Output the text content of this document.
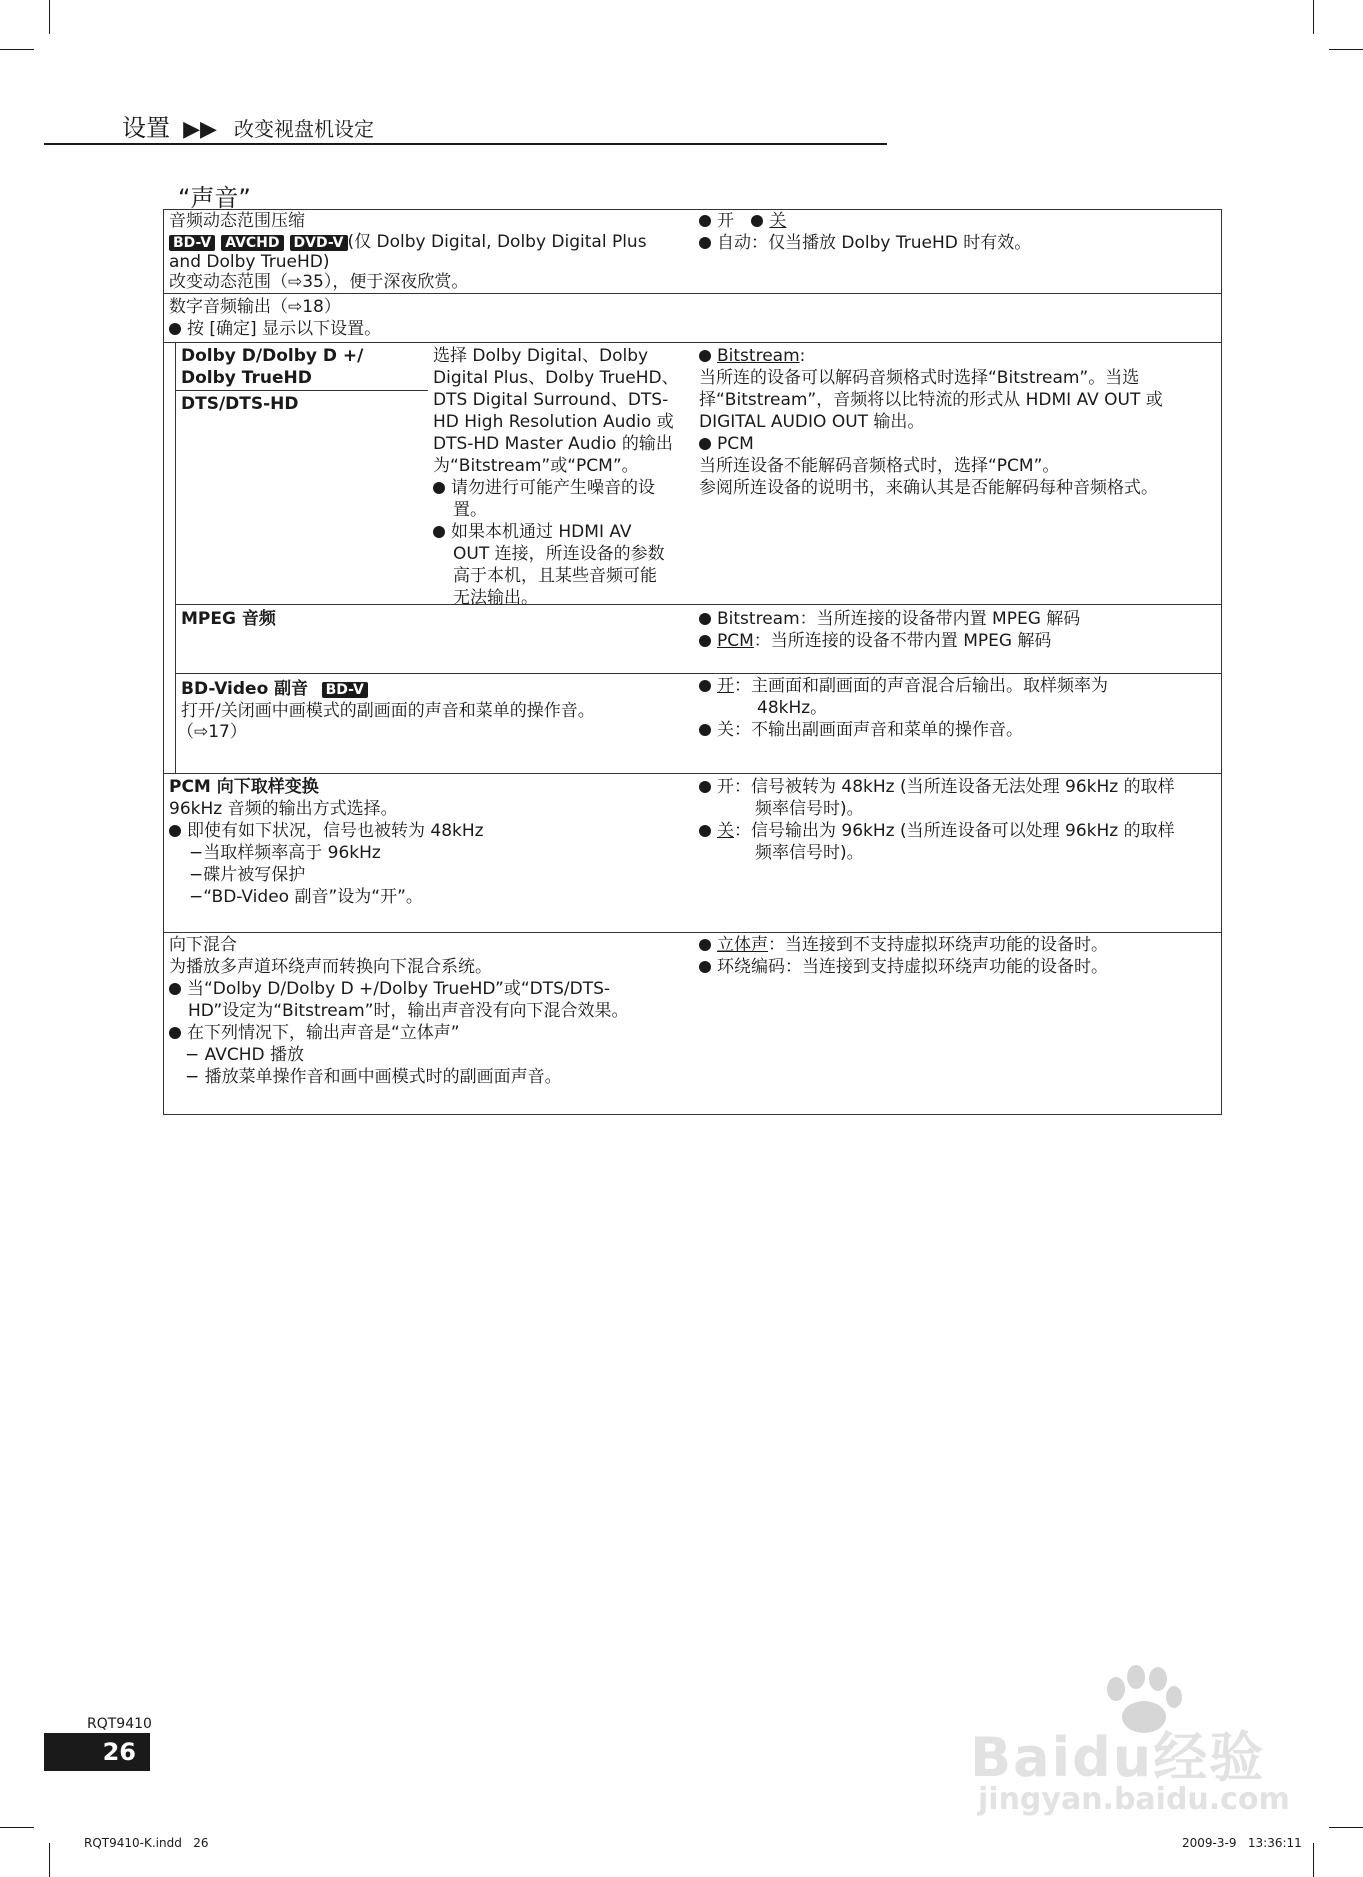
设置 ▶▶ 改变视盘机设定
“声音”
音频动态范围压缩
BD-V AVCHD DVD-V (仅 Dolby Digital, Dolby Digital Plus
and Dolby TrueHD)
改变动态范围（⇨35），便于深夜欣赏。
开 关
自动：仅当播放 Dolby TrueHD 时有效。
数字音频输出（⇨18）
按 [确定] 显示以下设置。
Dolby D/Dolby D +/
Dolby TrueHD
DTS/DTS-HD
选择 Dolby Digital、Dolby
Digital Plus、Dolby TrueHD、
DTS Digital Surround、DTS-
HD High Resolution Audio 或
DTS-HD Master Audio 的输出
为“Bitstream”或“PCM”。
请勿进行可能产生噪音的设
置。
如果本机通过 HDMI AV
OUT 连接，所连设备的参数
高于本机，且某些音频可能
无法输出。
Bitstream:
当所连的设备可以解码音频格式时选择“Bitstream”。当选
择“Bitstream”，音频将以比特流的形式从 HDMI AV OUT 或
DIGITAL AUDIO OUT 输出。
PCM
当所连设备不能解码音频格式时，选择“PCM”。
参阅所连设备的说明书，来确认其是否能解码每种音频格式。
MPEG 音频	Bitstream：当所连接的设备带内置 MPEG 解码
PCM：当所连接的设备不带内置 MPEG 解码
BD-Video 副音 BD-V
打开/关闭画中画模式的副画面的声音和菜单的操作音。
（⇨17）
开：主画面和副画面的声音混合后输出。取样频率为
48kHz。
关：不输出副画面声音和菜单的操作音。
PCM 向下取样变换
96kHz 音频的输出方式选择。
即使有如下状况，信号也被转为 48kHz
−当取样频率高于 96kHz
−碟片被写保护
−“BD-Video 副音”设为“开”。
开：信号被转为 48kHz (当所连设备无法处理 96kHz 的取样
频率信号时)。
关：信号输出为 96kHz (当所连设备可以处理 96kHz 的取样
频率信号时)。
向下混合
为播放多声道环绕声而转换向下混合系统。
当“Dolby D/Dolby D +/Dolby TrueHD”或“DTS/DTS-
HD”设定为“Bitstream”时，输出声音没有向下混合效果。
在下列情况下，输出声音是“立体声”
− AVCHD 播放
− 播放菜单操作音和画中画模式时的副画面声音。
立体声：当连接到不支持虚拟环绕声功能的设备时。
环绕编码：当连接到支持虚拟环绕声功能的设备时。
RQT9410
26
RQT9410-K.indd   26	2009-3-9   13:36:11
Baidu经验
jingyan.baidu.com
